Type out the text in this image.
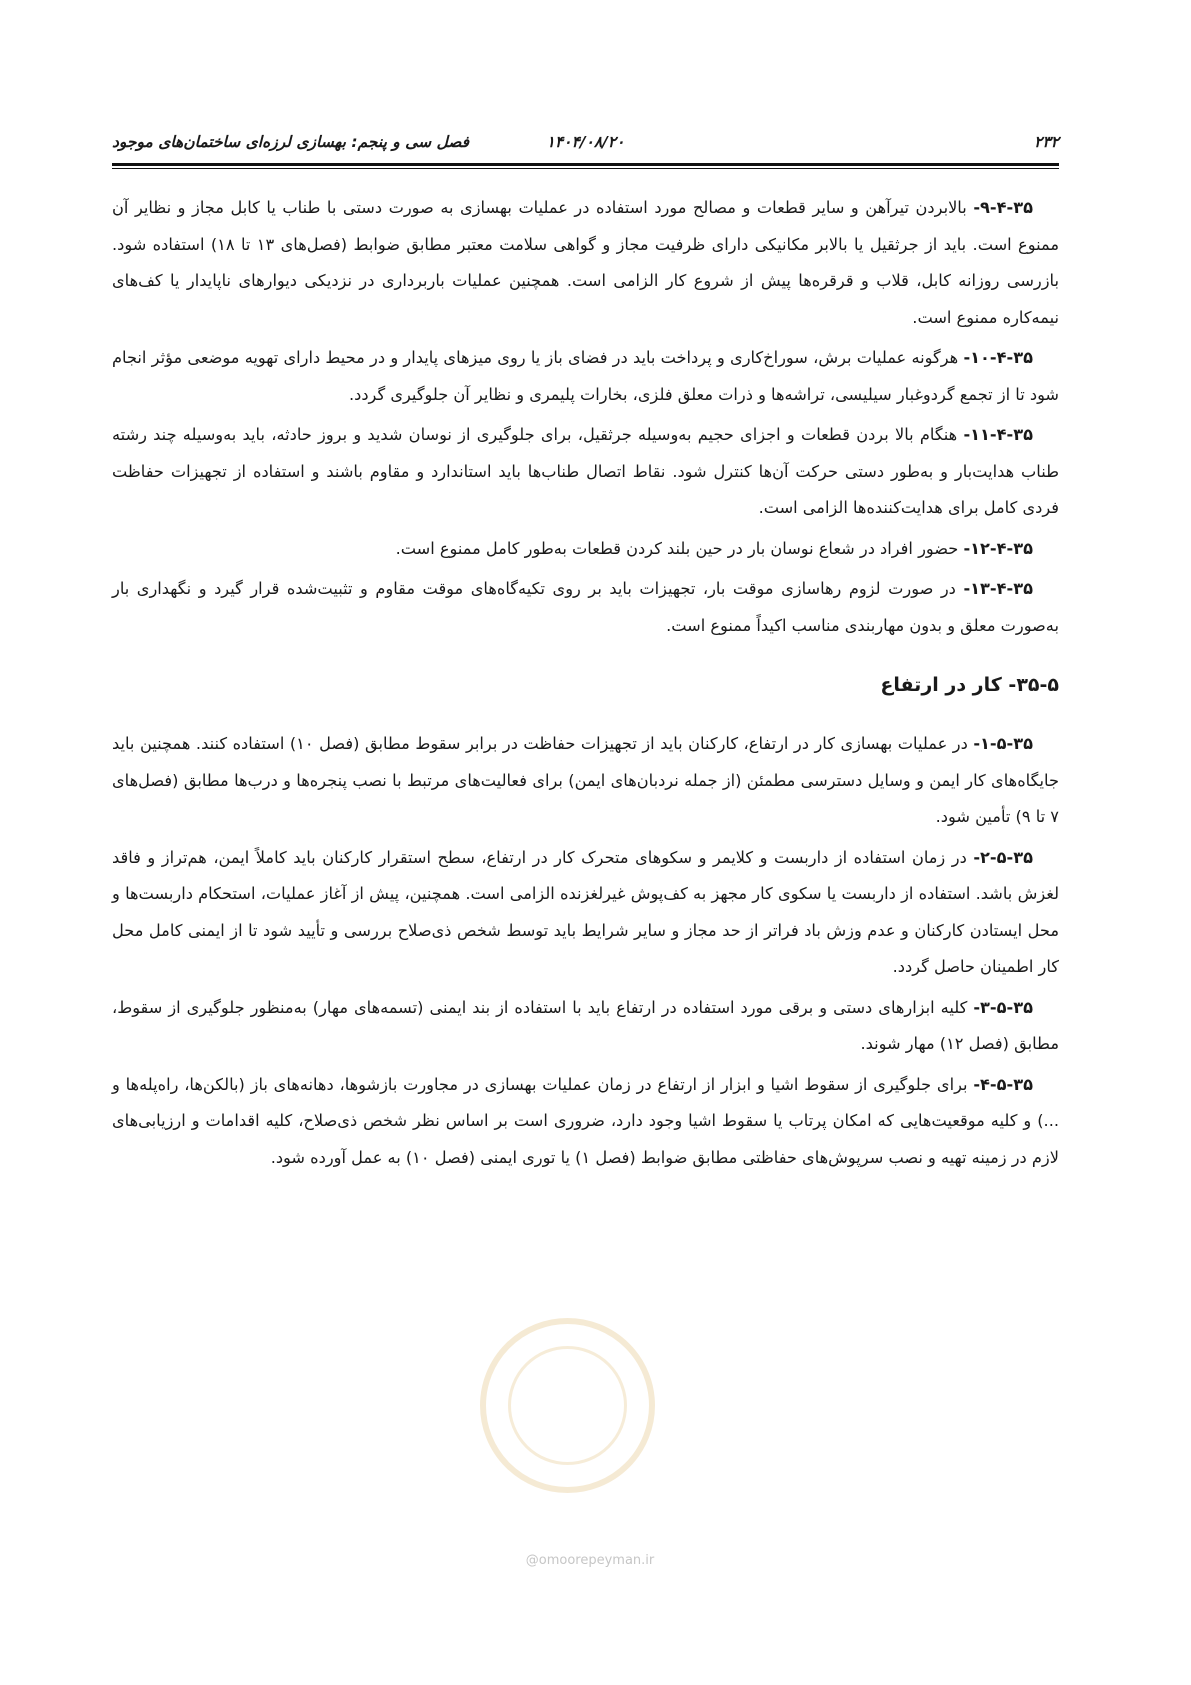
۲۳۲
۱۴۰۴/۰۸/۲۰
فصل سی و پنجم: بهسازی لرزه‌ای ساختمان‌های موجود

۹-۴-۳۵- بالابردن تیرآهن و سایر قطعات و مصالح مورد استفاده در عملیات بهسازی به صورت دستی با طناب یا کابل مجاز و نظایر آن ممنوع است. باید از جرثقیل یا بالابر مکانیکی دارای ظرفیت مجاز و گواهی سلامت معتبر مطابق ضوابط (فصل‌های ۱۳ تا ۱۸) استفاده شود. بازرسی روزانه کابل، قلاب و قرقره‌ها پیش از شروع کار الزامی است. همچنین عملیات باربرداری در نزدیکی دیوارهای ناپایدار یا کف‌های نیمه‌کاره ممنوع است.

۱۰-۴-۳۵- هرگونه عملیات برش، سوراخ‌کاری و پرداخت باید در فضای باز یا روی میزهای پایدار و در محیط دارای تهویه موضعی مؤثر انجام شود تا از تجمع گردوغبار سیلیسی، تراشه‌ها و ذرات معلق فلزی، بخارات پلیمری و نظایر آن جلوگیری گردد.

۱۱-۴-۳۵- هنگام بالا بردن قطعات و اجزای حجیم به‌وسیله جرثقیل، برای جلوگیری از نوسان شدید و بروز حادثه، باید به‌وسیله چند رشته طناب هدایت‌بار و به‌طور دستی حرکت آن‌ها کنترل شود. نقاط اتصال طناب‌ها باید استاندارد و مقاوم باشند و استفاده از تجهیزات حفاظت فردی کامل برای هدایت‌کننده‌ها الزامی است.

۱۲-۴-۳۵- حضور افراد در شعاع نوسان بار در حین بلند کردن قطعات به‌طور کامل ممنوع است.

۱۳-۴-۳۵- در صورت لزوم رهاسازی موقت بار، تجهیزات باید بر روی تکیه‌گاه‌های موقت مقاوم و تثبیت‌شده قرار گیرد و نگهداری بار به‌صورت معلق و بدون مهاربندی مناسب اکیداً ممنوع است.

۳۵-۵- کار در ارتفاع

۱-۵-۳۵- در عملیات بهسازی کار در ارتفاع، کارکنان باید از تجهیزات حفاظت در برابر سقوط مطابق (فصل ۱۰) استفاده کنند. همچنین باید جایگاه‌های کار ایمن و وسایل دسترسی مطمئن (از جمله نردبان‌های ایمن) برای فعالیت‌های مرتبط با نصب پنجره‌ها و درب‌ها مطابق (فصل‌های ۷ تا ۹) تأمین شود.

۲-۵-۳۵- در زمان استفاده از داربست و کلایمر و سکوهای متحرک کار در ارتفاع، سطح استقرار کارکنان باید کاملاً ایمن، هم‌تراز و فاقد لغزش باشد. استفاده از داربست یا سکوی کار مجهز به کف‌پوش غیرلغزنده الزامی است. همچنین، پیش از آغاز عملیات، استحکام داربست‌ها و محل ایستادن کارکنان و عدم وزش باد فراتر از حد مجاز و سایر شرایط باید توسط شخص ذی‌صلاح بررسی و تأیید شود تا از ایمنی کامل محل کار اطمینان حاصل گردد.

۳-۵-۳۵- کلیه ابزارهای دستی و برقی مورد استفاده در ارتفاع باید با استفاده از بند ایمنی (تسمه‌های مهار) به‌منظور جلوگیری از سقوط، مطابق (فصل ۱۲) مهار شوند.

۴-۵-۳۵- برای جلوگیری از سقوط اشیا و ابزار از ارتفاع در زمان عملیات بهسازی در مجاورت بازشوها، دهانه‌های باز (بالکن‌ها، راه‌پله‌ها و ...) و کلیه موقعیت‌هایی که امکان پرتاب یا سقوط اشیا وجود دارد، ضروری است بر اساس نظر شخص ذی‌صلاح، کلیه اقدامات و ارزیابی‌های لازم در زمینه تهیه و نصب سرپوش‌های حفاظتی مطابق ضوابط (فصل ۱) یا توری ایمنی (فصل ۱۰) به عمل آورده شود.

@omoorepeyman.ir
